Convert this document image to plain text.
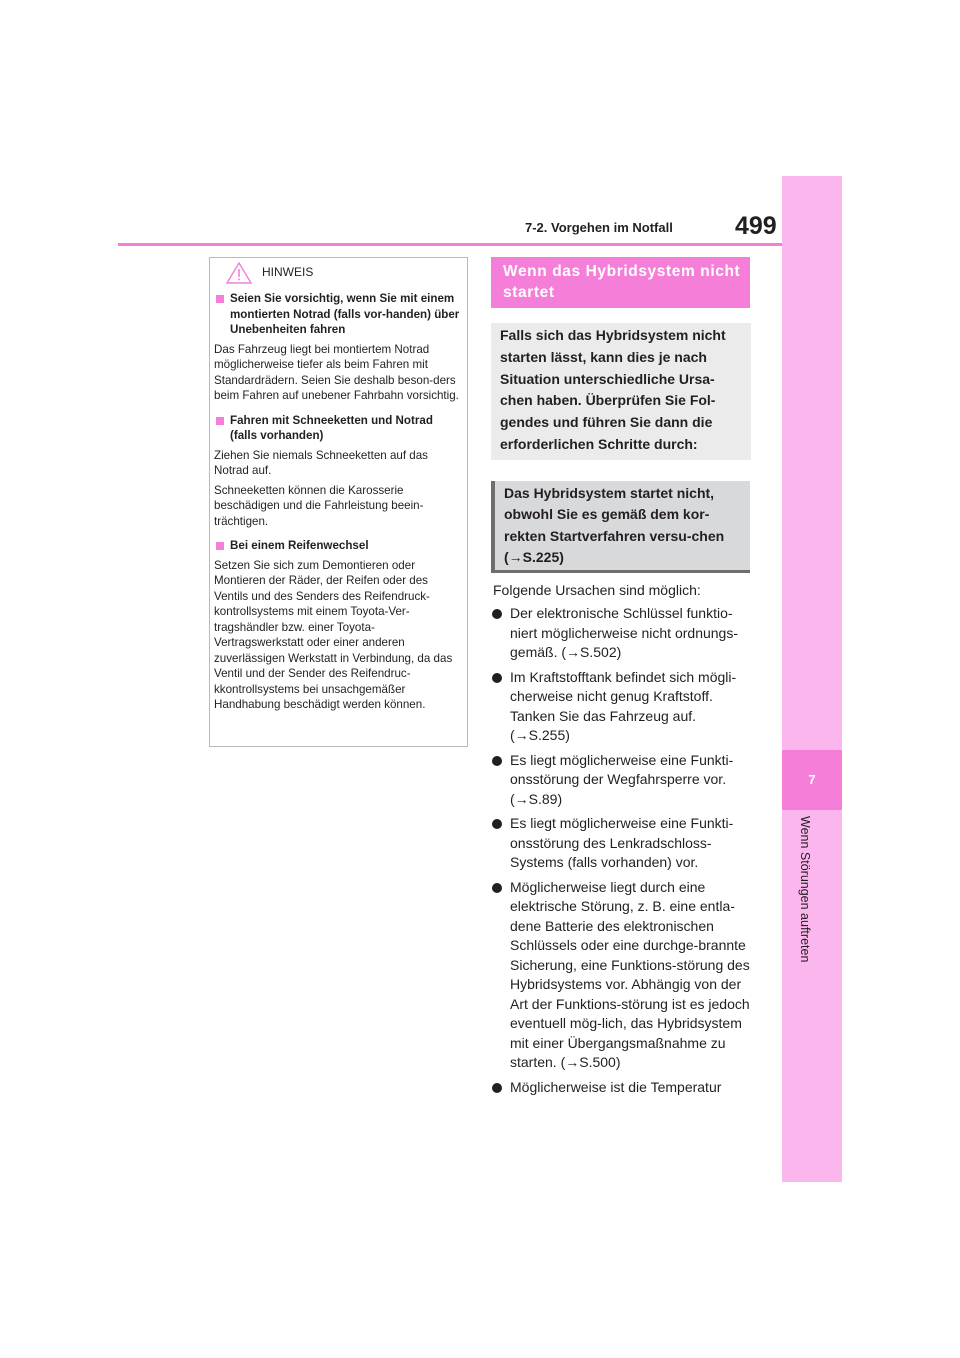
7-2. Vorgehen im Notfall 499
7
Wenn Störungen auftreten
HINWEIS
Seien Sie vorsichtig, wenn Sie mit einem montierten Notrad (falls vor-handen) über Unebenheiten fahren
Das Fahrzeug liegt bei montiertem Notrad möglicherweise tiefer als beim Fahren mit Standardrädern. Seien Sie deshalb beson-ders beim Fahren auf unebener Fahrbahn vorsichtig.
Fahren mit Schneeketten und Notrad (falls vorhanden)
Ziehen Sie niemals Schneeketten auf das Notrad auf.
Schneeketten können die Karosserie beschädigen und die Fahrleistung beein-trächtigen.
Bei einem Reifenwechsel
Setzen Sie sich zum Demontieren oder Montieren der Räder, der Reifen oder des Ventils und des Senders des Reifendruck-kontrollsystems mit einem Toyota-Ver-tragshändler bzw. einer Toyota-Vertragswerkstatt oder einer anderen zuverlässigen Werkstatt in Verbindung, da das Ventil und der Sender des Reifendruc-kkontrollsystems bei unsachgemäßer Handhabung beschädigt werden können.
Wenn das Hybridsystem nicht startet
Falls sich das Hybridsystem nicht starten lässt, kann dies je nach Situation unterschiedliche Ursa-chen haben. Überprüfen Sie Fol-gendes und führen Sie dann die erforderlichen Schritte durch:
Das Hybridsystem startet nicht, obwohl Sie es gemäß dem kor-rekten Startverfahren versu-chen (→S.225)
Folgende Ursachen sind möglich:
Der elektronische Schlüssel funktio-niert möglicherweise nicht ordnungs-gemäß. (→S.502)
Im Kraftstofftank befindet sich mögli-cherweise nicht genug Kraftstoff. Tanken Sie das Fahrzeug auf. (→S.255)
Es liegt möglicherweise eine Funkti-onsstörung der Wegfahrsperre vor. (→S.89)
Es liegt möglicherweise eine Funkti-onsstörung des Lenkradschloss-Systems (falls vorhanden) vor.
Möglicherweise liegt durch eine elektrische Störung, z. B. eine entla-dene Batterie des elektronischen Schlüssels oder eine durchge-brannte Sicherung, eine Funktions-störung des Hybridsystems vor. Abhängig von der Art der Funktions-störung ist es jedoch eventuell mög-lich, das Hybridsystem mit einer Übergangsmaßnahme zu starten. (→S.500)
Möglicherweise ist die Temperatur
